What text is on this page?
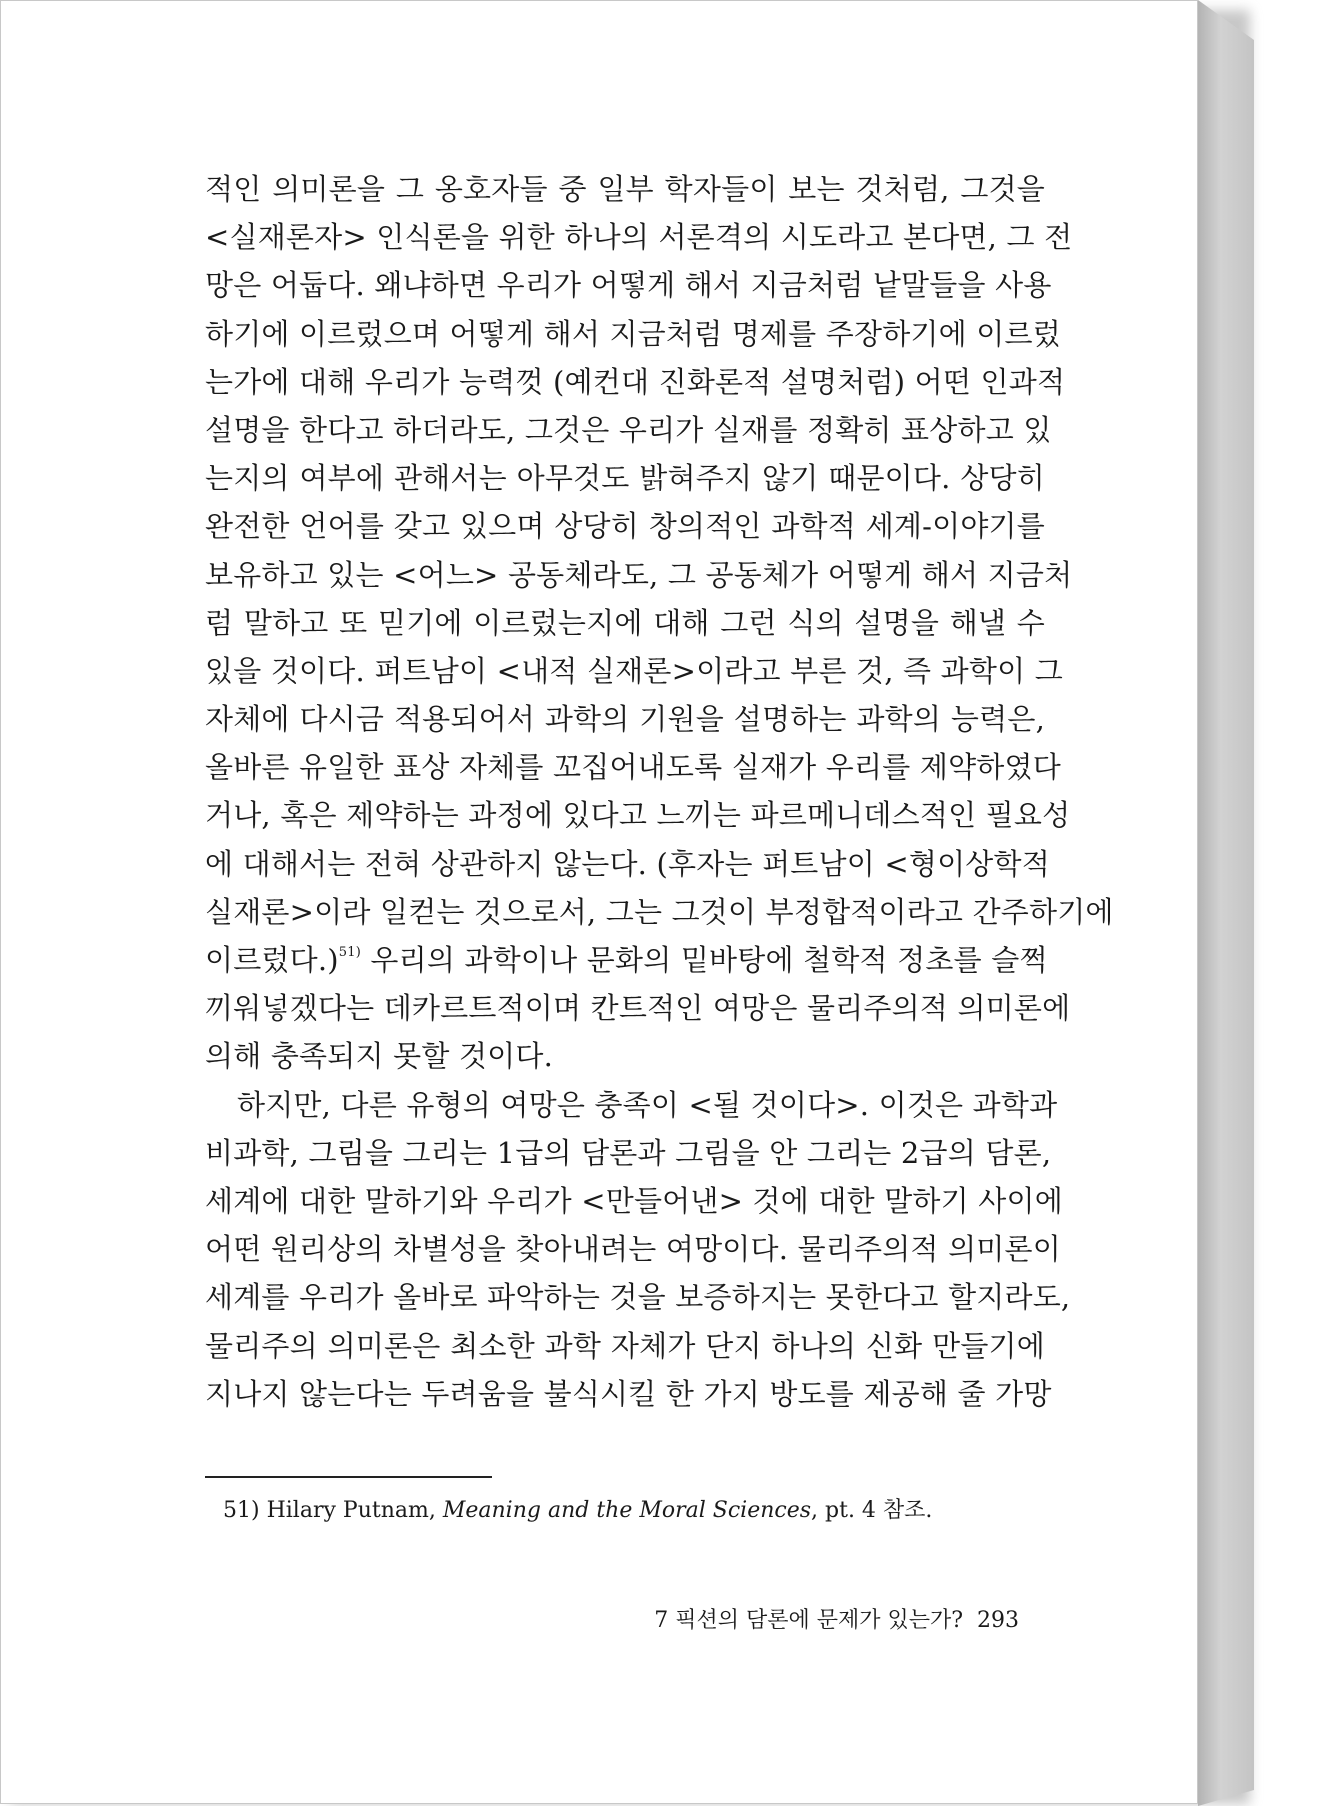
적인 의미론을 그 옹호자들 중 일부 학자들이 보는 것처럼, 그것을
<실재론자> 인식론을 위한 하나의 서론격의 시도라고 본다면, 그 전
망은 어둡다. 왜냐하면 우리가 어떻게 해서 지금처럼 낱말들을 사용
하기에 이르렀으며 어떻게 해서 지금처럼 명제를 주장하기에 이르렀
는가에 대해 우리가 능력껏 (예컨대 진화론적 설명처럼) 어떤 인과적
설명을 한다고 하더라도, 그것은 우리가 실재를 정확히 표상하고 있
는지의 여부에 관해서는 아무것도 밝혀주지 않기 때문이다. 상당히
완전한 언어를 갖고 있으며 상당히 창의적인 과학적 세계-이야기를
보유하고 있는 <어느> 공동체라도, 그 공동체가 어떻게 해서 지금처
럼 말하고 또 믿기에 이르렀는지에 대해 그런 식의 설명을 해낼 수
있을 것이다. 퍼트남이 <내적 실재론>이라고 부른 것, 즉 과학이 그
자체에 다시금 적용되어서 과학의 기원을 설명하는 과학의 능력은,
올바른 유일한 표상 자체를 꼬집어내도록 실재가 우리를 제약하였다
거나, 혹은 제약하는 과정에 있다고 느끼는 파르메니데스적인 필요성
에 대해서는 전혀 상관하지 않는다. (후자는 퍼트남이 <형이상학적
실재론>이라 일컫는 것으로서, 그는 그것이 부정합적이라고 간주하기에
이르렀다.)$^{51)}$ 우리의 과학이나 문화의 밑바탕에 철학적 정초를 슬쩍
끼워넣겠다는 데카르트적이며 칸트적인 여망은 물리주의적 의미론에
의해 충족되지 못할 것이다.
하지만, 다른 유형의 여망은 충족이 <될 것이다>. 이것은 과학과
비과학, 그림을 그리는 1급의 담론과 그림을 안 그리는 2급의 담론,
세계에 대한 말하기와 우리가 <만들어낸> 것에 대한 말하기 사이에
어떤 원리상의 차별성을 찾아내려는 여망이다. 물리주의적 의미론이
세계를 우리가 올바로 파악하는 것을 보증하지는 못한다고 할지라도,
물리주의 의미론은 최소한 과학 자체가 단지 하나의 신화 만들기에
지나지 않는다는 두려움을 불식시킬 한 가지 방도를 제공해 줄 가망
51) Hilary Putnam, Meaning and the Moral Sciences, pt. 4 참조.
7 픽션의 담론에 문제가 있는가? 293
